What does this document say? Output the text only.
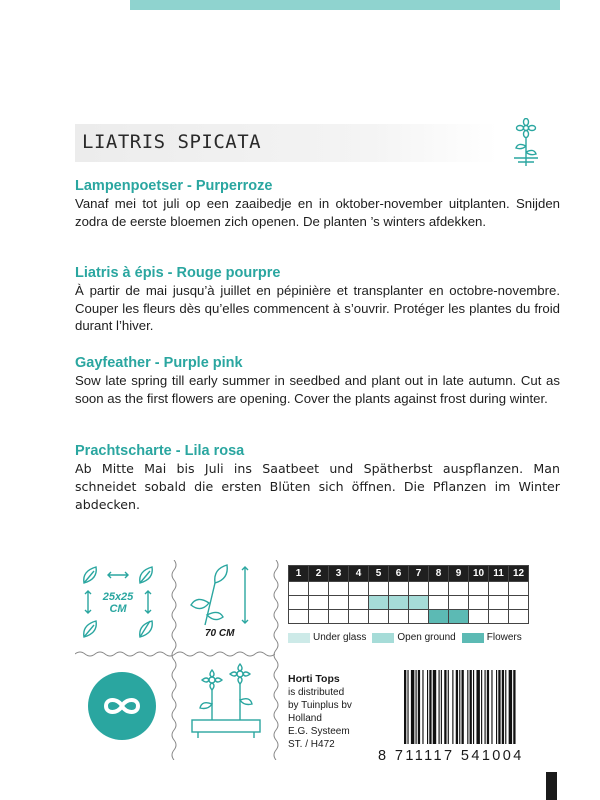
LIATRIS SPICATA
Lampenpoetser - Purperroze

Vanaf mei tot juli op een zaaibedje en in oktober-november uitplanten. Snijden zodra de eerste bloemen zich openen. De planten ’s winters afdekken.

Liatris à épis - Rouge pourpre

À partir de mai jusqu’à juillet en pépinière et transplanter en octobre-novembre. Couper les fleurs dès qu’elles commencent à s’ouvrir. Protéger les plantes du froid durant l’hiver.

Gayfeather - Purple pink

Sow late spring till early summer in seedbed and plant out in late autumn. Cut as soon as the first flowers are opening. Cover the plants against frost during winter.

Prachtscharte - Lila rosa

Ab Mitte Mai bis Juli ins Saatbeet und Spätherbst auspflanzen. Man schneidet sobald die ersten Blüten sich öffnen. Die Pflanzen im Winter abdecken.

25x25
CM
70 CM
1	2	3	4	5	6	7	8	9	10	11	12

Under glass	Open ground	Flowers
Horti Tops
is distributed
by Tuinplus bv
Holland
E.G. Systeem
ST. / H472
8 711117 541004
